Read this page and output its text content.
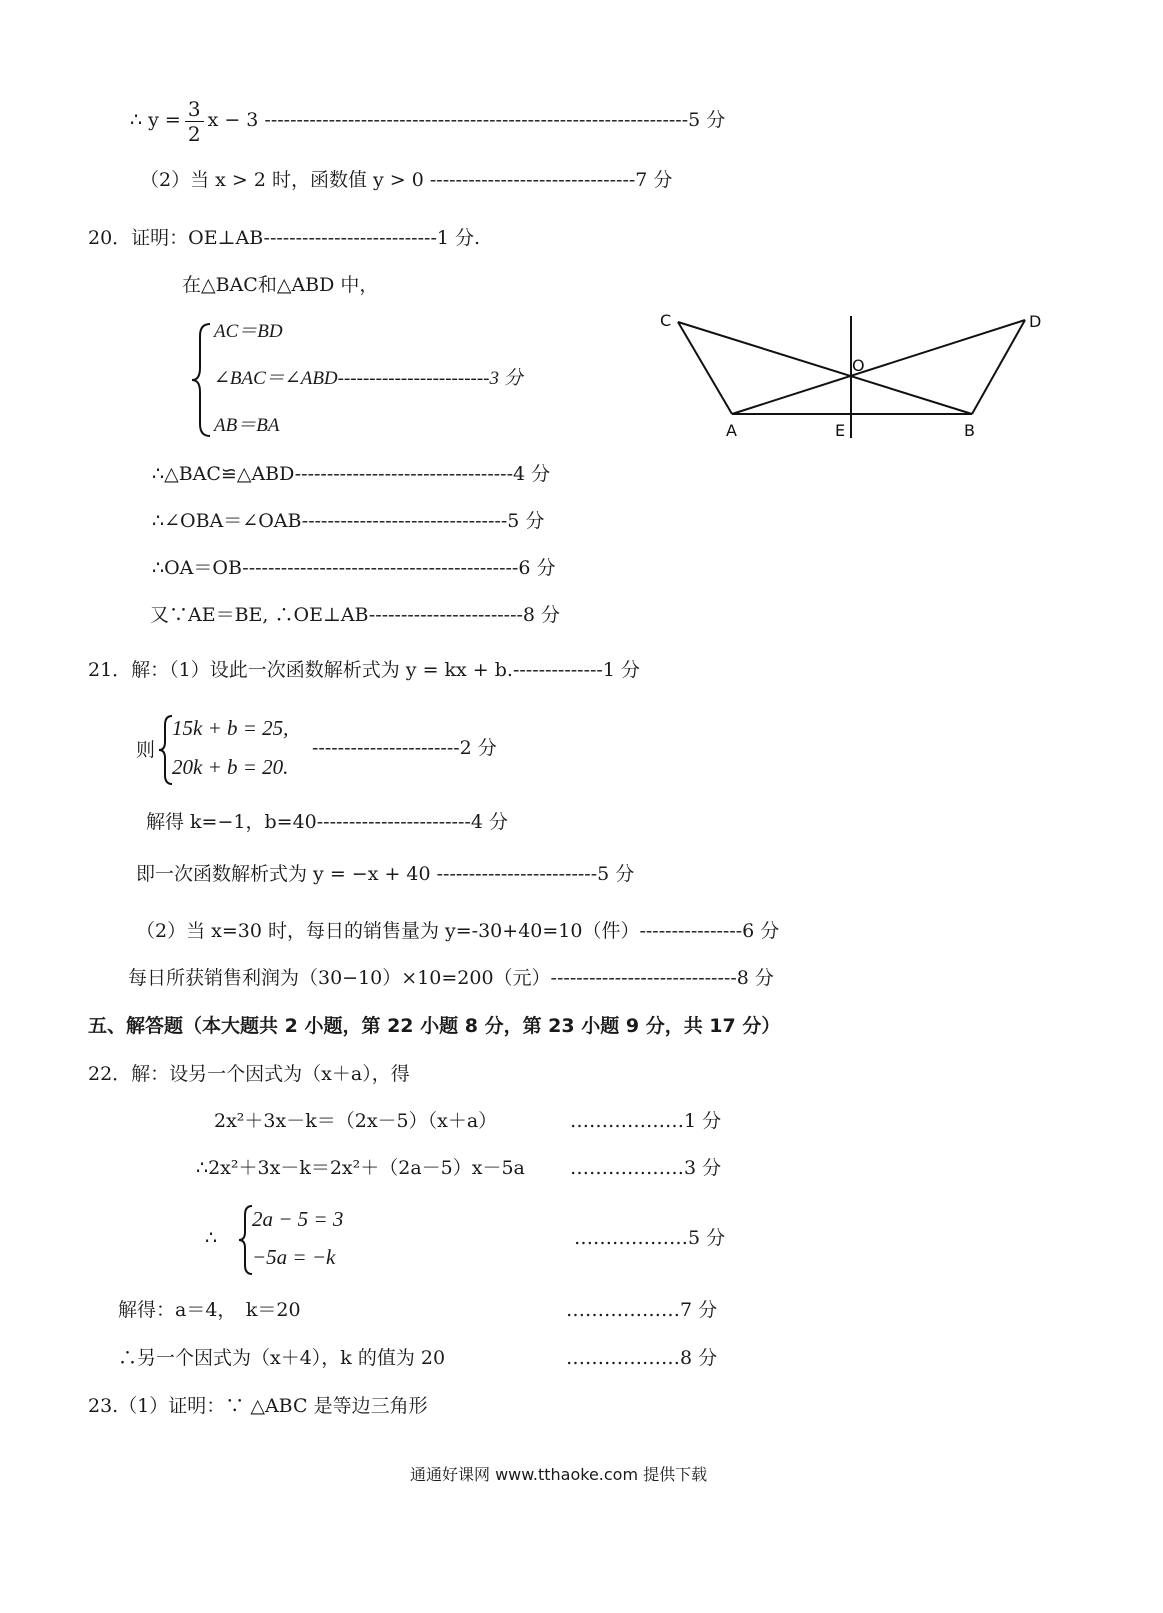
∴ $y = \frac{3}{2}$ x − 3 ------------------------------------------------------------------5 分
（2）当 x > 2 时，函数值 y > 0 --------------------------------7 分
20．证明：OE⊥AB---------------------------1 分.
在△BAC和△ABD 中，
AC＝BD
∠BAC＝∠ABD------------------------3 分
AB＝BA
∴△BAC≌△ABD----------------------------------4 分
∴∠OBA＝∠OAB--------------------------------5 分
∴OA＝OB-------------------------------------------6 分
又∵AE＝BE, ∴OE⊥AB------------------------8 分
C	D
O
A	E	B
21．解：（1）设此一次函数解析式为 y = kx + b.--------------1 分
则
15k + b = 25,
20k + b = 20.
-----------------------2 分
解得 k=−1，b=40------------------------4 分
即一次函数解析式为 y = −x + 40 -------------------------5 分
（2）当 x=30 时，每日的销售量为 y=-30+40=10（件）----------------6 分
每日所获销售利润为（30−10）×10=200（元）-----------------------------8 分
五、解答题（本大题共 2 小题，第 22 小题 8 分，第 23 小题 9 分，共 17 分）
22．解：设另一个因式为（x＋a），得
2x²＋3x－k＝（2x－5）（x＋a）	………………1 分
∴2x²＋3x－k＝2x²＋（2a－5）x－5a ………………3 分
∴
2a − 5 = 3
−5a = −k
………………5 分
解得：a＝4，　k＝20	………………7 分
∴另一个因式为（x＋4），k 的值为 20	………………8 分
23.（1）证明：∵ △ABC 是等边三角形
通通好课网 www.tthaoke.com 提供下载
